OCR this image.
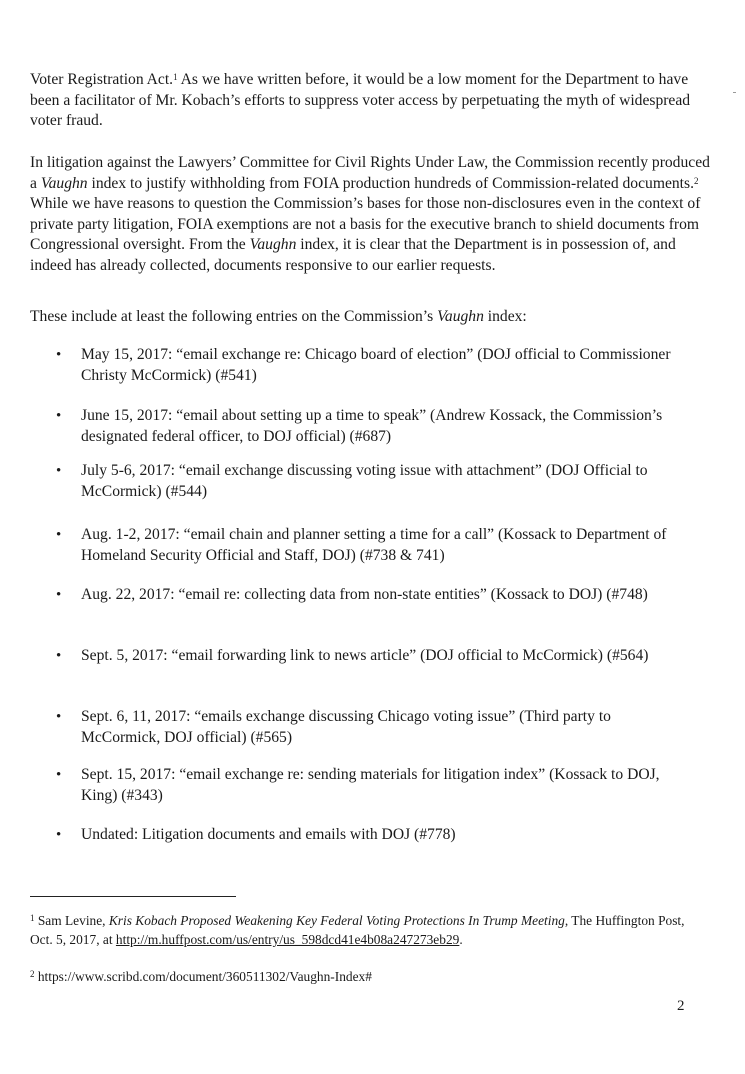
Voter Registration Act.$^1$ As we have written before, it would be a low moment for the Department to have been a facilitator of Mr. Kobach’s efforts to suppress voter access by perpetuating the myth of widespread voter fraud.

In litigation against the Lawyers’ Committee for Civil Rights Under Law, the Commission recently produced a Vaughn index to justify withholding from FOIA production hundreds of Commission-related documents.$^2$ While we have reasons to question the Commission’s bases for those non-disclosures even in the context of private party litigation, FOIA exemptions are not a basis for the executive branch to shield documents from Congressional oversight. From the Vaughn index, it is clear that the Department is in possession of, and indeed has already collected, documents responsive to our earlier requests.

These include at least the following entries on the Commission’s Vaughn index:

• May 15, 2017: “email exchange re: Chicago board of election” (DOJ official to Commissioner Christy McCormick) (#541)
• June 15, 2017: “email about setting up a time to speak” (Andrew Kossack, the Commission’s designated federal officer, to DOJ official) (#687)
• July 5-6, 2017: “email exchange discussing voting issue with attachment” (DOJ Official to McCormick) (#544)
• Aug. 1-2, 2017: “email chain and planner setting a time for a call” (Kossack to Department of Homeland Security Official and Staff, DOJ) (#738 & 741)
• Aug. 22, 2017: “email re: collecting data from non-state entities” (Kossack to DOJ) (#748)
• Sept. 5, 2017: “email forwarding link to news article” (DOJ official to McCormick) (#564)
• Sept. 6, 11, 2017: “emails exchange discussing Chicago voting issue” (Third party to McCormick, DOJ official) (#565)
• Sept. 15, 2017: “email exchange re: sending materials for litigation index” (Kossack to DOJ, King) (#343)
• Undated: Litigation documents and emails with DOJ (#778)
$^1$ Sam Levine, Kris Kobach Proposed Weakening Key Federal Voting Protections In Trump Meeting, The Huffington Post, Oct. 5, 2017, at http://m.huffpost.com/us/entry/us_598dcd41e4b08a247273eb29.
$^2$ https://www.scribd.com/document/360511302/Vaughn-Index#
2
